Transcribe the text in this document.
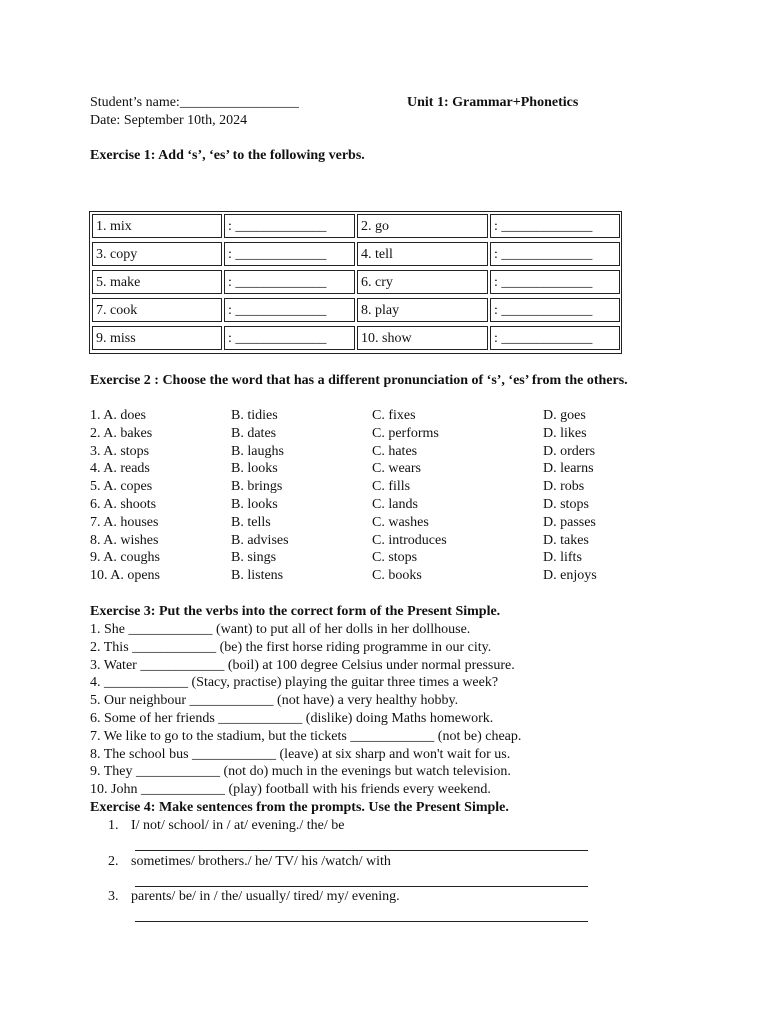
Student’s name:_________________	Unit 1: Grammar+Phonetics
Date: September 10th, 2024
Exercise 1: Add ‘s’, ‘es’ to the following verbs.
1. mix	: _____________	2. go	: _____________
3. copy	: _____________	4. tell	: _____________
5. make	: _____________	6. cry	: _____________
7. cook	: _____________	8. play	: _____________
9. miss	: _____________	10. show	: _____________
Exercise 2 : Choose the word that has a different pronunciation of ‘s’, ‘es’ from the others.
1. A. does	B. tidies	C. fixes	D. goes
2. A. bakes	B. dates	C. performs	D. likes
3. A. stops	B. laughs	C. hates	D. orders
4. A. reads	B. looks	C. wears	D. learns
5. A. copes	B. brings	C. fills	D. robs
6. A. shoots	B. looks	C. lands	D. stops
7. A. houses	B. tells	C. washes	D. passes
8. A. wishes	B. advises	C. introduces	D. takes
9. A. coughs	B. sings	C. stops	D. lifts
10. A. opens	B. listens	C. books	D. enjoys
Exercise 3: Put the verbs into the correct form of the Present Simple.
1. She ____________ (want) to put all of her dolls in her dollhouse.
2. This ____________ (be) the first horse riding programme in our city.
3. Water ____________ (boil) at 100 degree Celsius under normal pressure.
4. ____________ (Stacy, practise) playing the guitar three times a week?
5. Our neighbour ____________ (not have) a very healthy hobby.
6. Some of her friends ____________ (dislike) doing Maths homework.
7. We like to go to the stadium, but the tickets ____________ (not be) cheap.
8. The school bus ____________ (leave) at six sharp and won't wait for us.
9. They ____________ (not do) much in the evenings but watch television.
10. John ____________ (play) football with his friends every weekend.
Exercise 4: Make sentences from the prompts. Use the Present Simple.
1. I/ not/ school/ in / at/ evening./ the/ be
2. sometimes/ brothers./ he/ TV/ his /watch/ with
3. parents/ be/ in / the/ usually/ tired/ my/ evening.
